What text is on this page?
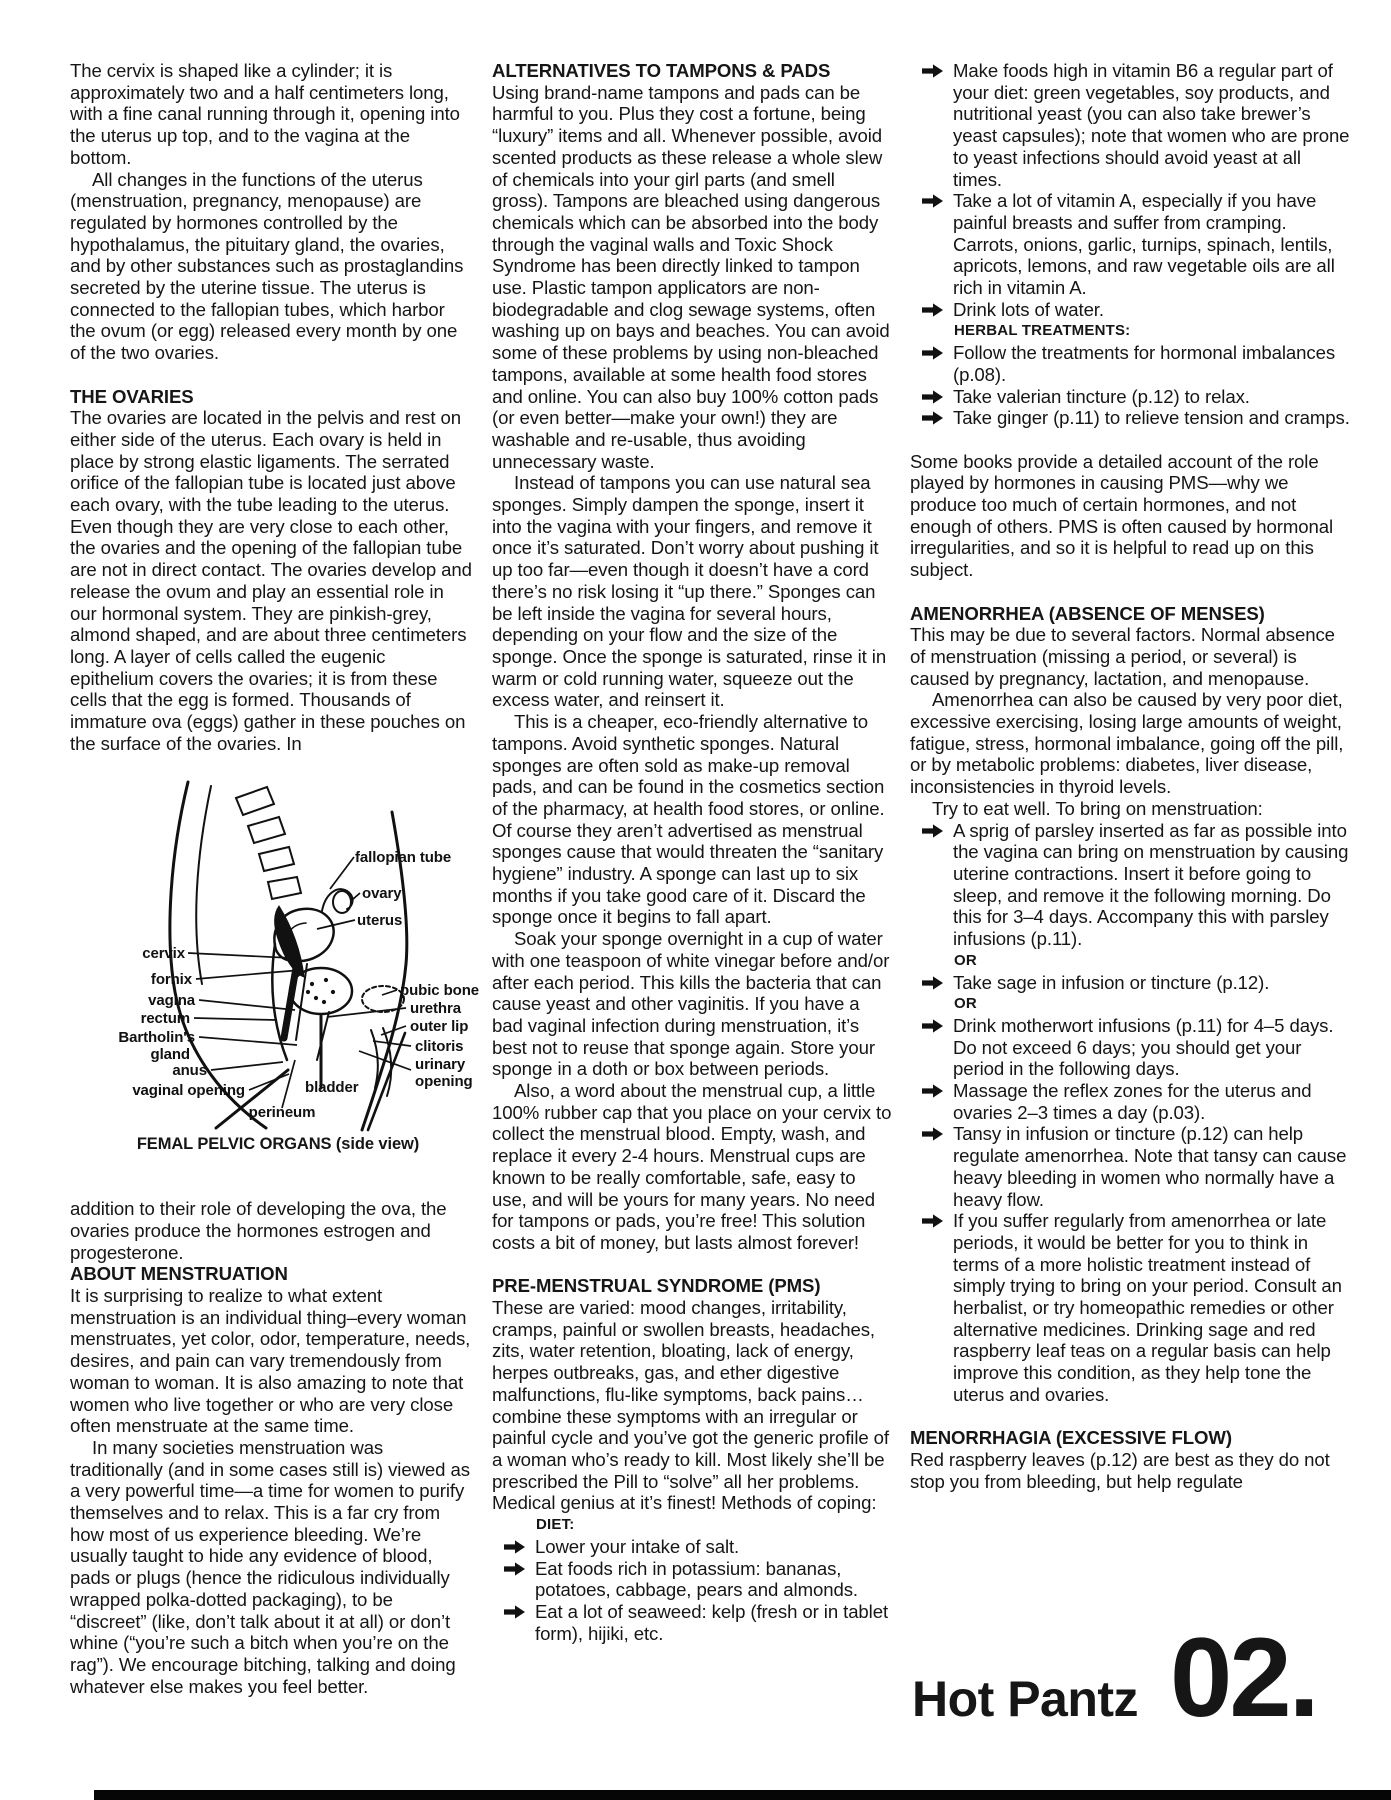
The cervix is shaped like a cylinder; it is approximately two and a half centimeters long, with a fine canal running through it, opening into the uterus up top, and to the vagina at the bottom.

All changes in the functions of the uterus (menstruation, pregnancy, menopause) are regulated by hormones controlled by the hypothalamus, the pituitary gland, the ovaries, and by other substances such as prostaglandins secreted by the uterine tissue. The uterus is connected to the fallopian tubes, which harbor the ovum (or egg) released every month by one of the two ovaries.

THE OVARIES

The ovaries are located in the pelvis and rest on either side of the uterus. Each ovary is held in place by strong elastic ligaments. The serrated orifice of the fallopian tube is located just above each ovary, with the tube leading to the uterus. Even though they are very close to each other, the ovaries and the opening of the fallopian tube are not in direct contact. The ovaries develop and release the ovum and play an essential role in our hormonal system. They are pinkish-grey, almond shaped, and are about three centimeters long. A layer of cells called the eugenic epithelium covers the ovaries; it is from these cells that the egg is formed. Thousands of immature ova (eggs) gather in these pouches on the surface of the ovaries. In

fallopian tube
ovary
uterus
cervix
fornix
vagina
rectum
Bartholin's
gland
anus
vaginal opening
perineum
bladder
pubic bone
urethra
outer lip
clitoris
urinary
opening
FEMAL PELVIC ORGANS (side view)

addition to their role of developing the ova, the ovaries produce the hormones estrogen and progesterone.

ABOUT MENSTRUATION

It is surprising to realize to what extent menstruation is an individual thing–every woman menstruates, yet color, odor, temperature, needs, desires, and pain can vary tremendously from woman to woman. It is also amazing to note that women who live together or who are very close often menstruate at the same time.

In many societies menstruation was traditionally (and in some cases still is) viewed as a very powerful time—a time for women to purify themselves and to relax. This is a far cry from how most of us experience bleeding. We’re usually taught to hide any evidence of blood, pads or plugs (hence the ridiculous individually wrapped polka-dotted packaging), to be “discreet” (like, don’t talk about it at all) or don’t whine (“you’re such a bitch when you’re on the rag”). We encourage bitching, talking and doing whatever else makes you feel better.

ALTERNATIVES TO TAMPONS & PADS

Using brand-name tampons and pads can be harmful to you. Plus they cost a fortune, being “luxury” items and all. Whenever possible, avoid scented products as these release a whole slew of chemicals into your girl parts (and smell gross). Tampons are bleached using dangerous chemicals which can be absorbed into the body through the vaginal walls and Toxic Shock Syndrome has been directly linked to tampon use. Plastic tampon applicators are non-biodegradable and clog sewage systems, often washing up on bays and beaches. You can avoid some of these problems by using non-bleached tampons, available at some health food stores and online. You can also buy 100% cotton pads (or even better—make your own!) they are washable and re-usable, thus avoiding unnecessary waste.

Instead of tampons you can use natural sea sponges. Simply dampen the sponge, insert it into the vagina with your fingers, and remove it once it’s saturated. Don’t worry about pushing it up too far—even though it doesn’t have a cord there’s no risk losing it “up there.” Sponges can be left inside the vagina for several hours, depending on your flow and the size of the sponge. Once the sponge is saturated, rinse it in warm or cold running water, squeeze out the excess water, and reinsert it.

This is a cheaper, eco-friendly alternative to tampons. Avoid synthetic sponges. Natural sponges are often sold as make-up removal pads, and can be found in the cosmetics section of the pharmacy, at health food stores, or online. Of course they aren’t advertised as menstrual sponges cause that would threaten the “sanitary hygiene” industry. A sponge can last up to six months if you take good care of it. Discard the sponge once it begins to fall apart.

Soak your sponge overnight in a cup of water with one teaspoon of white vinegar before and/or after each period. This kills the bacteria that can cause yeast and other vaginitis. If you have a bad vaginal infection during menstruation, it’s best not to reuse that sponge again. Store your sponge in a doth or box between periods.

Also, a word about the menstrual cup, a little 100% rubber cap that you place on your cervix to collect the menstrual blood. Empty, wash, and replace it every 2-4 hours. Menstrual cups are known to be really comfortable, safe, easy to use, and will be yours for many years. No need for tampons or pads, you’re free! This solution costs a bit of money, but lasts almost forever!

PRE-MENSTRUAL SYNDROME (PMS)

These are varied: mood changes, irritability, cramps, painful or swollen breasts, headaches, zits, water retention, bloating, lack of energy, herpes outbreaks, gas, and ether digestive malfunctions, flu-like symptoms, back pains… combine these symptoms with an irregular or painful cycle and you’ve got the generic profile of a woman who’s ready to kill. Most likely she’ll be prescribed the Pill to “solve” all her problems. Medical genius at it’s finest! Methods of coping:

DIET:
Lower your intake of salt.
Eat foods rich in potassium: bananas, potatoes, cabbage, pears and almonds.
Eat a lot of seaweed: kelp (fresh or in tablet form), hijiki, etc.
Make foods high in vitamin B6 a regular part of your diet: green vegetables, soy products, and nutritional yeast (you can also take brewer’s yeast capsules); note that women who are prone to yeast infections should avoid yeast at all times.
Take a lot of vitamin A, especially if you have painful breasts and suffer from cramping. Carrots, onions, garlic, turnips, spinach, lentils, apricots, lemons, and raw vegetable oils are all rich in vitamin A.
Drink lots of water.
HERBAL TREATMENTS:
Follow the treatments for hormonal imbalances (p.08).
Take valerian tincture (p.12) to relax.
Take ginger (p.11) to relieve tension and cramps.

Some books provide a detailed account of the role played by hormones in causing PMS—why we produce too much of certain hormones, and not enough of others. PMS is often caused by hormonal irregularities, and so it is helpful to read up on this subject.

AMENORRHEA (ABSENCE OF MENSES)

This may be due to several factors. Normal absence of menstruation (missing a period, or several) is caused by pregnancy, lactation, and menopause.

Amenorrhea can also be caused by very poor diet, excessive exercising, losing large amounts of weight, fatigue, stress, hormonal imbalance, going off the pill, or by metabolic problems: diabetes, liver disease, inconsistencies in thyroid levels.

Try to eat well. To bring on menstruation:

A sprig of parsley inserted as far as possible into the vagina can bring on menstruation by causing uterine contractions. Insert it before going to sleep, and remove it the following morning. Do this for 3–4 days. Accompany this with parsley infusions (p.11).
OR
Take sage in infusion or tincture (p.12).
OR
Drink motherwort infusions (p.11) for 4–5 days. Do not exceed 6 days; you should get your period in the following days.
Massage the reflex zones for the uterus and ovaries 2–3 times a day (p.03).
Tansy in infusion or tincture (p.12) can help regulate amenorrhea. Note that tansy can cause heavy bleeding in women who normally have a heavy flow.
If you suffer regularly from amenorrhea or late periods, it would be better for you to think in terms of a more holistic treatment instead of simply trying to bring on your period. Consult an herbalist, or try homeopathic remedies or other alternative medicines. Drinking sage and red raspberry leaf teas on a regular basis can help improve this condition, as they help tone the uterus and ovaries.

MENORRHAGIA (EXCESSIVE FLOW)

Red raspberry leaves (p.12) are best as they do not stop you from bleeding, but help regulate

Hot Pantz 02.
